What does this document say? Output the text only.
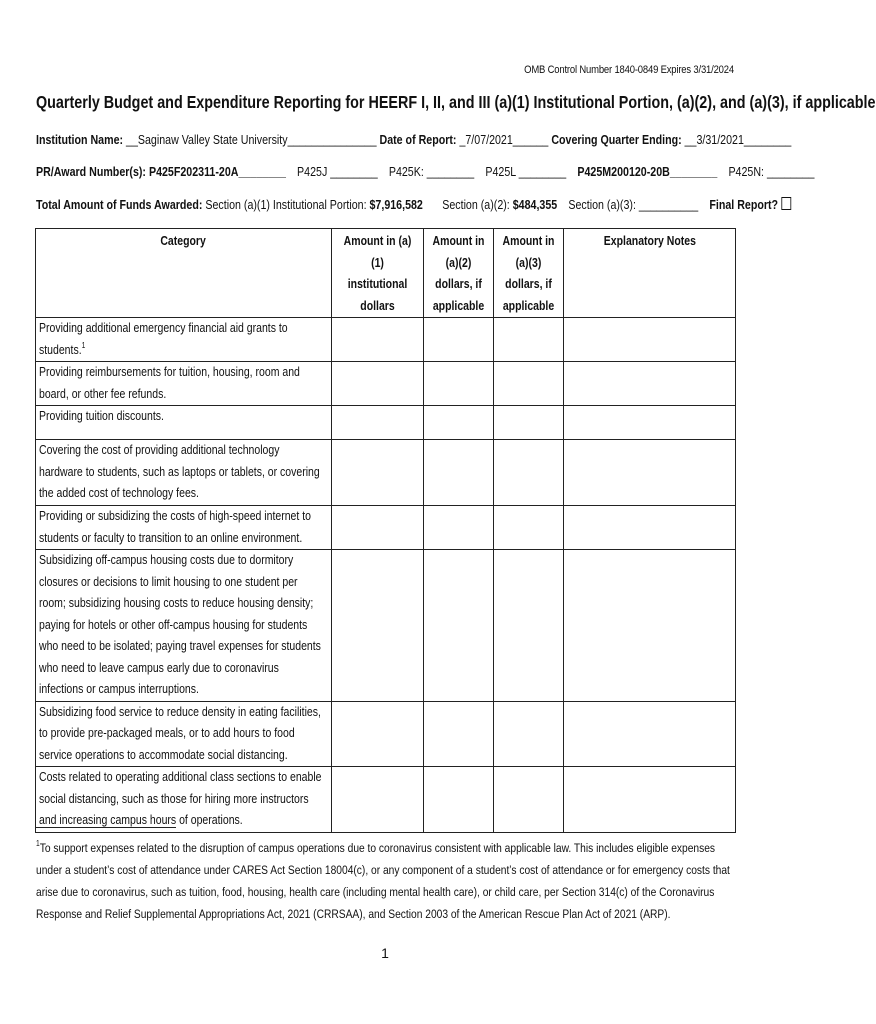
OMB Control Number 1840-0849 Expires 3/31/2024
Quarterly Budget and Expenditure Reporting for HEERF I, II, and III (a)(1) Institutional Portion, (a)(2), and (a)(3), if applicable
Institution Name: __Saginaw Valley State University_______________ Date of Report: _7/07/2021______ Covering Quarter Ending: __3/31/2021________
PR/Award Number(s): P425F202311-20A________ P425J ________ P425K: ________ P425L ________ P425M200120-20B________ P425N: ________
Total Amount of Funds Awarded: Section (a)(1) Institutional Portion: $7,916,582 Section (a)(2): $484,355 Section (a)(3): __________ Final Report?
Category	Amount in (a)(1) institutional dollars	Amount in (a)(2) dollars, if applicable	Amount in (a)(3) dollars, if applicable	Explanatory Notes
Providing additional emergency financial aid grants to students.$^1$				
Providing reimbursements for tuition, housing, room and board, or other fee refunds.				
Providing tuition discounts.				
Covering the cost of providing additional technology hardware to students, such as laptops or tablets, or covering the added cost of technology fees.				
Providing or subsidizing the costs of high-speed internet to students or faculty to transition to an online environment.				
Subsidizing off-campus housing costs due to dormitory closures or decisions to limit housing to one student per room; subsidizing housing costs to reduce housing density; paying for hotels or other off-campus housing for students who need to be isolated; paying travel expenses for students who need to leave campus early due to coronavirus infections or campus interruptions.				
Subsidizing food service to reduce density in eating facilities, to provide pre-packaged meals, or to add hours to food service operations to accommodate social distancing.				
Costs related to operating additional class sections to enable social distancing, such as those for hiring more instructors and increasing campus hours of operations.				
$^1$To support expenses related to the disruption of campus operations due to coronavirus consistent with applicable law. This includes eligible expenses under a student’s cost of attendance under CARES Act Section 18004(c), or any component of a student’s cost of attendance or for emergency costs that arise due to coronavirus, such as tuition, food, housing, health care (including mental health care), or child care, per Section 314(c) of the Coronavirus Response and Relief Supplemental Appropriations Act, 2021 (CRRSAA), and Section 2003 of the American Rescue Plan Act of 2021 (ARP).
1
